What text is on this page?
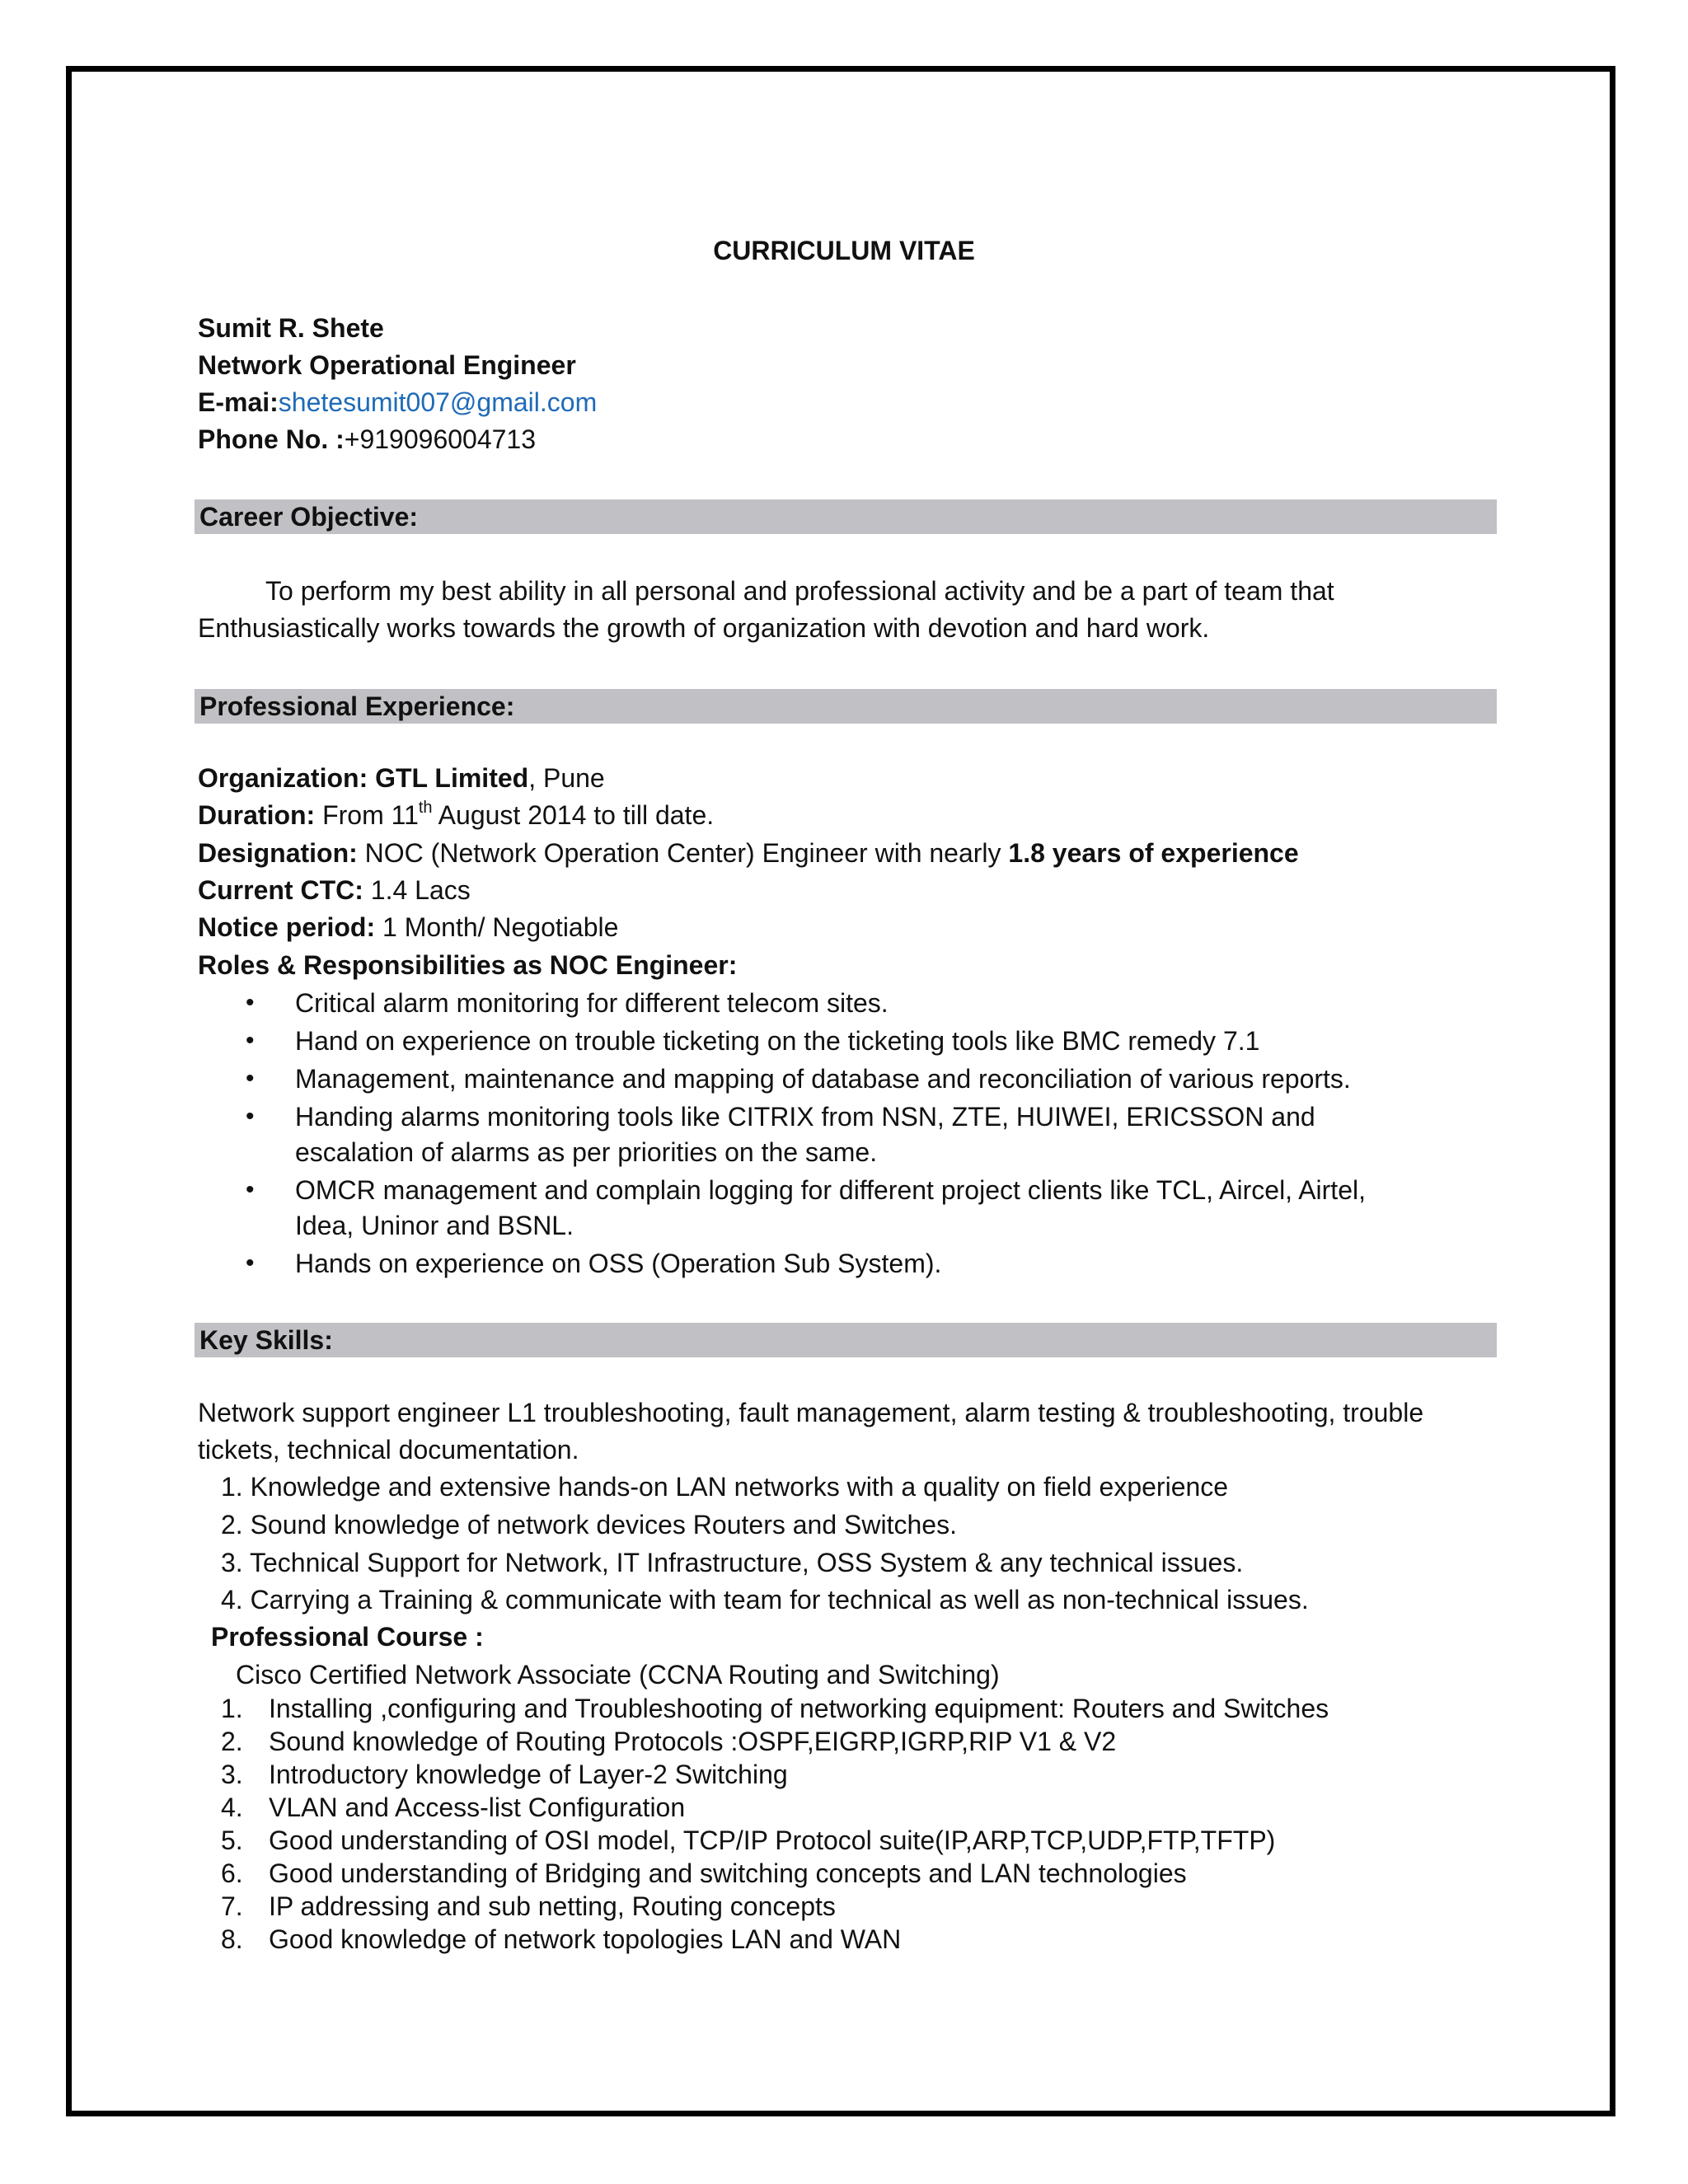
CURRICULUM VITAE
Sumit R. Shete
Network Operational Engineer
E-mai:shetesumit007@gmail.com
Phone No. :+919096004713
Career Objective:
To perform my best ability in all personal and professional activity and be a part of team that
Enthusiastically works towards the growth of organization with devotion and hard work.
Professional Experience:
Organization: GTL Limited, Pune
Duration: From 11th August 2014 to till date.
Designation: NOC (Network Operation Center) Engineer with nearly 1.8 years of experience
Current CTC: 1.4 Lacs
Notice period: 1 Month/ Negotiable
Roles & Responsibilities as NOC Engineer:
• Critical alarm monitoring for different telecom sites.
• Hand on experience on trouble ticketing on the ticketing tools like BMC remedy 7.1
• Management, maintenance and mapping of database and reconciliation of various reports.
• Handing alarms monitoring tools like CITRIX from NSN, ZTE, HUIWEI, ERICSSON and
escalation of alarms as per priorities on the same.
• OMCR management and complain logging for different project clients like TCL, Aircel, Airtel,
Idea, Uninor and BSNL.
• Hands on experience on OSS (Operation Sub System).
Key Skills:
Network support engineer L1 troubleshooting, fault management, alarm testing & troubleshooting, trouble
tickets, technical documentation.
1. Knowledge and extensive hands-on LAN networks with a quality on field experience
2. Sound knowledge of network devices Routers and Switches.
3. Technical Support for Network, IT Infrastructure, OSS System & any technical issues.
4. Carrying a Training & communicate with team for technical as well as non-technical issues.
Professional Course :
Cisco Certified Network Associate (CCNA Routing and Switching)
1. Installing ,configuring and Troubleshooting of networking equipment: Routers and Switches
2. Sound knowledge of Routing Protocols :OSPF,EIGRP,IGRP,RIP V1 & V2
3. Introductory knowledge of Layer-2 Switching
4. VLAN and Access-list Configuration
5. Good understanding of OSI model, TCP/IP Protocol suite(IP,ARP,TCP,UDP,FTP,TFTP)
6. Good understanding of Bridging and switching concepts and LAN technologies
7. IP addressing and sub netting, Routing concepts
8. Good knowledge of network topologies LAN and WAN
